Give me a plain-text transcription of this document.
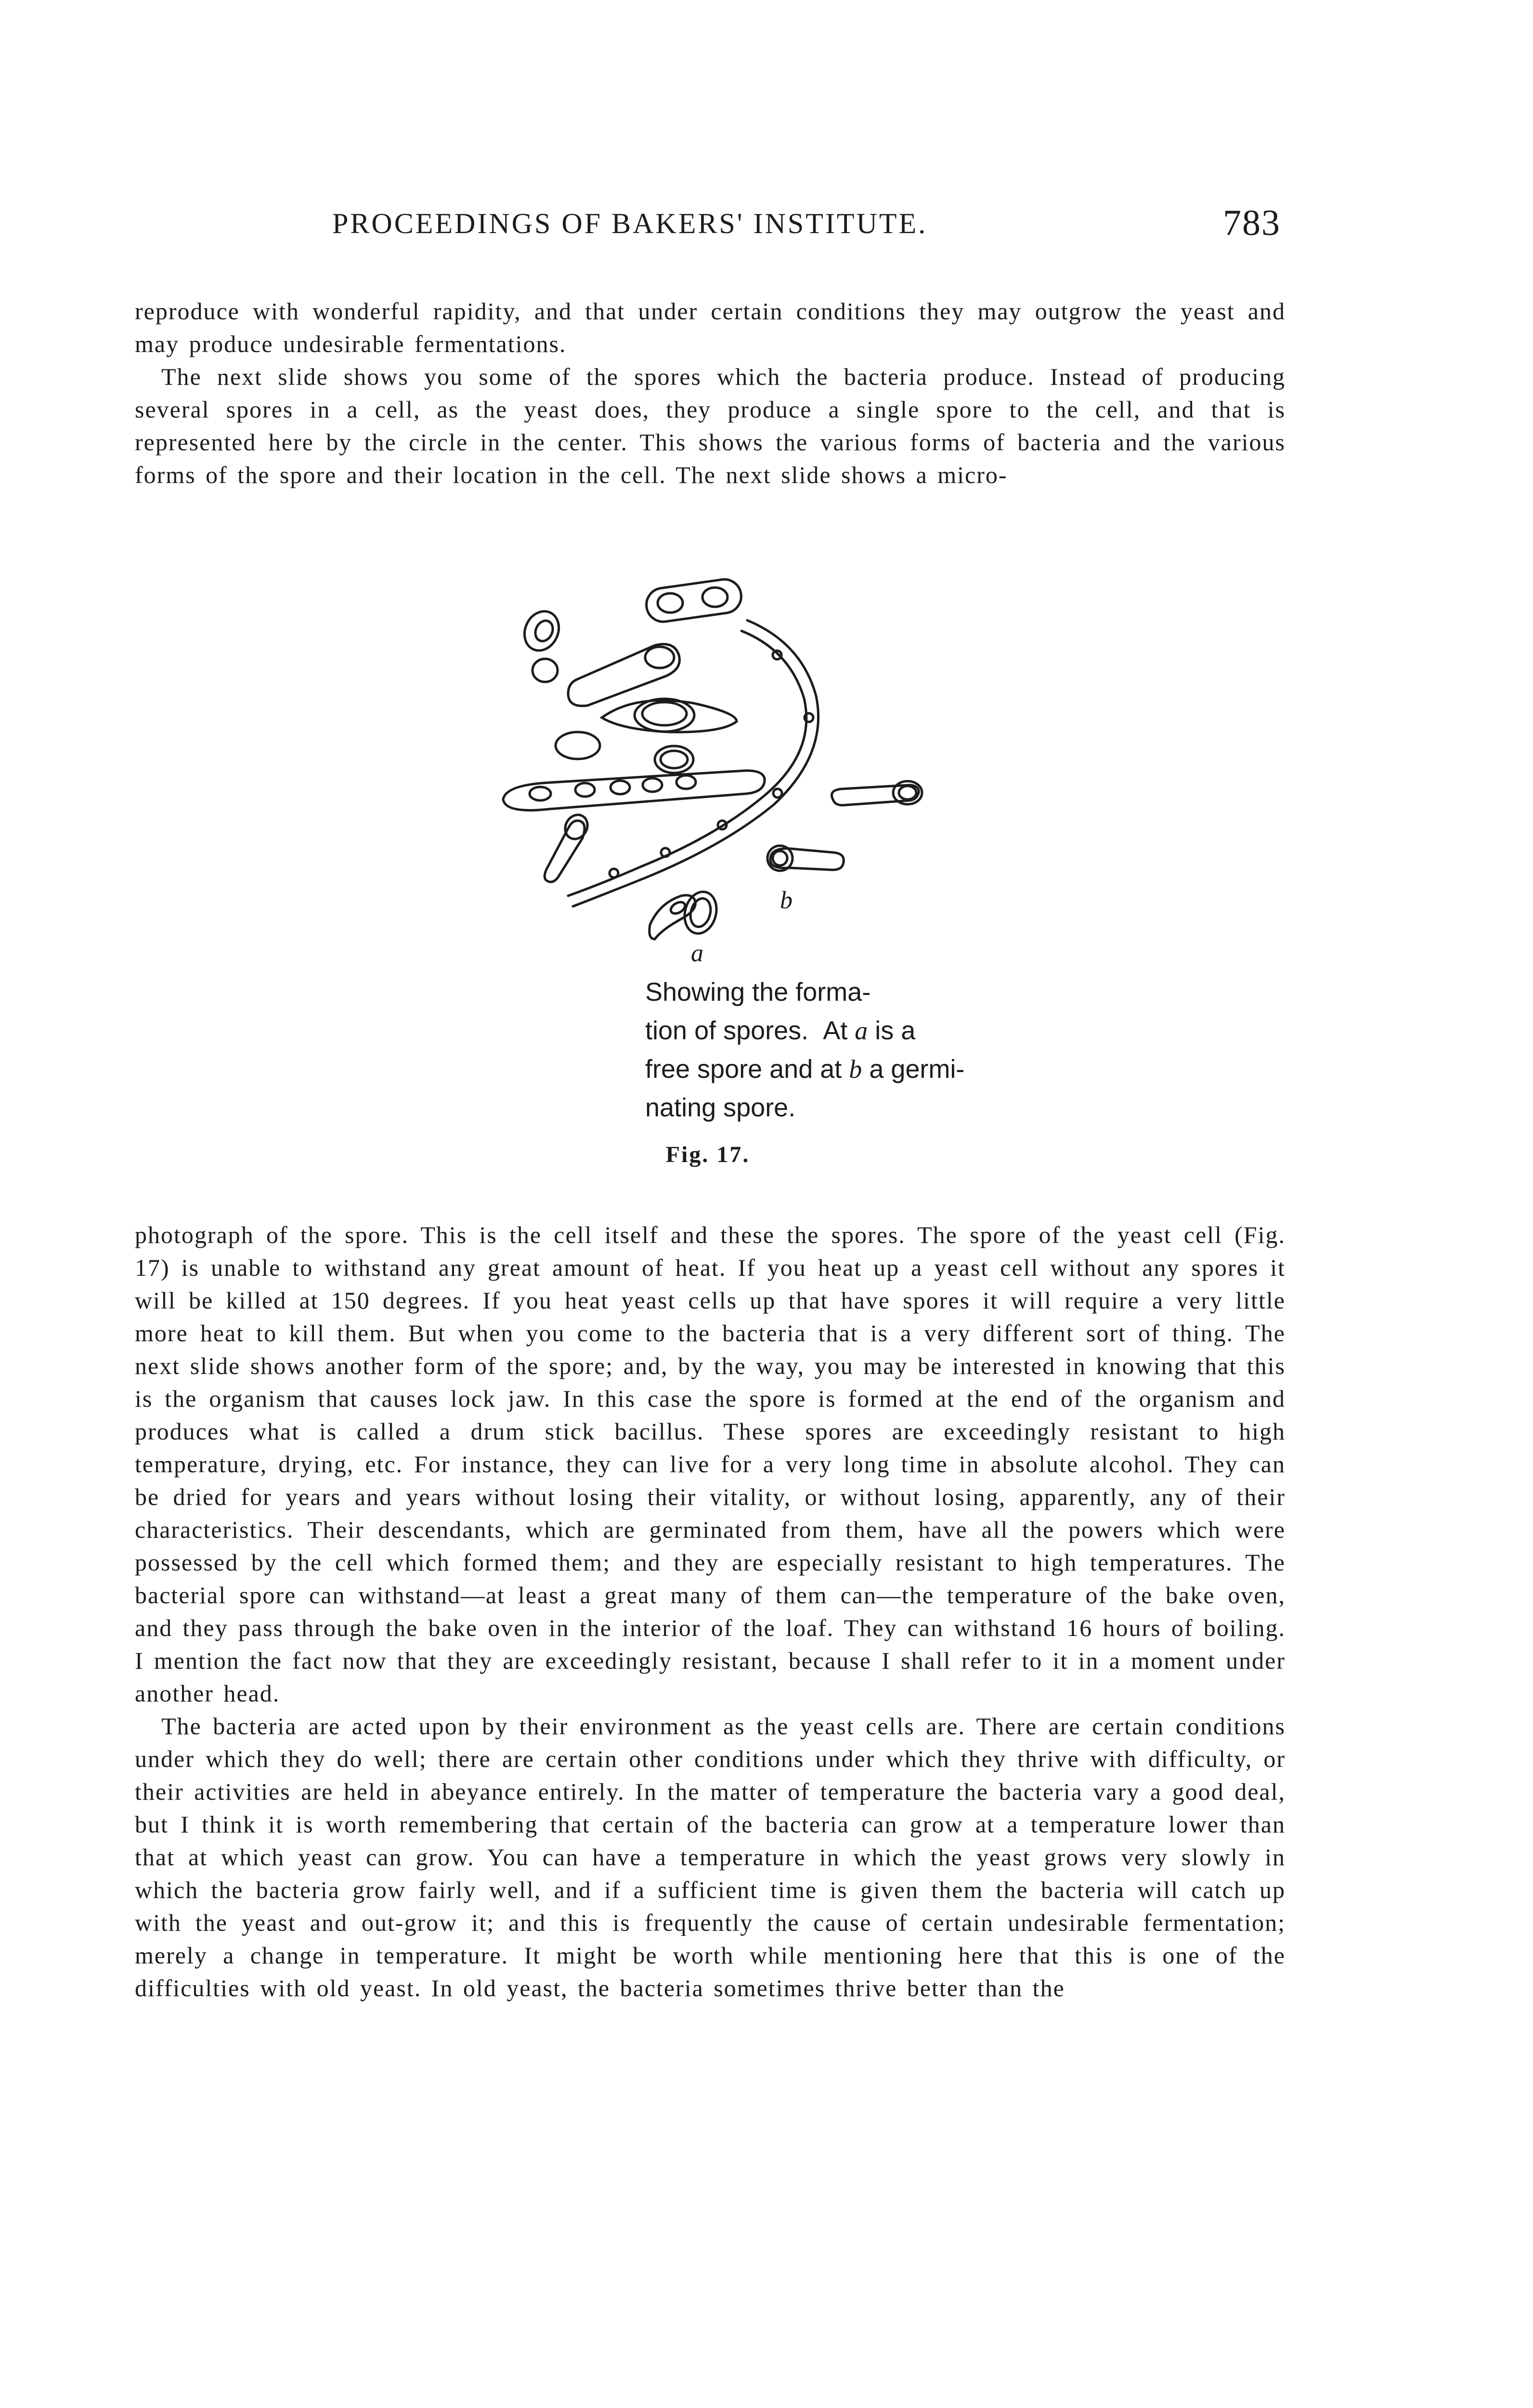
PROCEEDINGS OF BAKERS' INSTITUTE.	783

reproduce with wonderful rapidity, and that under certain conditions they may outgrow the yeast and may produce undesirable fermentations.

The next slide shows you some of the spores which the bacteria produce. Instead of producing several spores in a cell, as the yeast does, they produce a single spore to the cell, and that is represented here by the circle in the center. This shows the various forms of bacteria and the various forms of the spore and their location in the cell. The next slide shows a micro-

a
b
Showing the forma-
tion of spores. At a is a
free spore and at b a germi-
nating spore.
Fig. 17.

photograph of the spore. This is the cell itself and these the spores. The spore of the yeast cell (Fig. 17) is unable to withstand any great amount of heat. If you heat up a yeast cell without any spores it will be killed at 150 degrees. If you heat yeast cells up that have spores it will require a very little more heat to kill them. But when you come to the bacteria that is a very different sort of thing. The next slide shows another form of the spore; and, by the way, you may be interested in knowing that this is the organism that causes lock jaw. In this case the spore is formed at the end of the organism and produces what is called a drum stick bacillus. These spores are exceedingly resistant to high temperature, drying, etc. For instance, they can live for a very long time in absolute alcohol. They can be dried for years and years without losing their vitality, or without losing, apparently, any of their characteristics. Their descendants, which are germinated from them, have all the powers which were possessed by the cell which formed them; and they are especially resistant to high temperatures. The bacterial spore can withstand—at least a great many of them can—the temperature of the bake oven, and they pass through the bake oven in the interior of the loaf. They can withstand 16 hours of boiling. I mention the fact now that they are exceedingly resistant, because I shall refer to it in a moment under another head.

The bacteria are acted upon by their environment as the yeast cells are. There are certain conditions under which they do well; there are certain other conditions under which they thrive with difficulty, or their activities are held in abeyance entirely. In the matter of temperature the bacteria vary a good deal, but I think it is worth remembering that certain of the bacteria can grow at a temperature lower than that at which yeast can grow. You can have a temperature in which the yeast grows very slowly in which the bacteria grow fairly well, and if a sufficient time is given them the bacteria will catch up with the yeast and out-grow it; and this is frequently the cause of certain undesirable fermentation; merely a change in temperature. It might be worth while mentioning here that this is one of the difficulties with old yeast. In old yeast, the bacteria sometimes thrive better than the
